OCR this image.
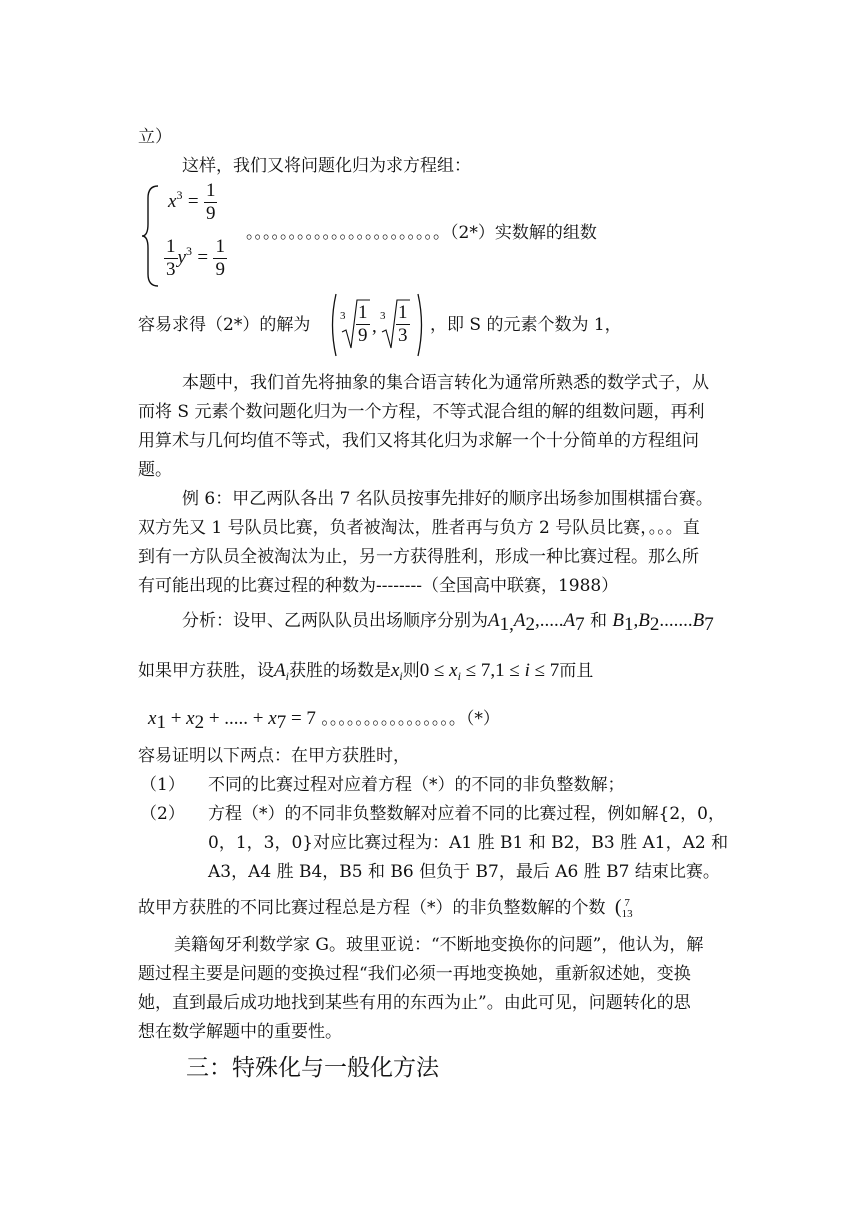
立）
这样，我们又将问题化归为求方程组：
$x^3 = \frac{1}{9}$
。。。。。。。。。。。。。。。。。。。。。。。（2*）实数解的组数
$\frac{1}{3} y^3 = \frac{1}{9}$
容易求得（2*）的解为	$3 \frac{1}{9}$ , $3 \frac{1}{3}$ ，即 S 的元素个数为 1，
本题中，我们首先将抽象的集合语言转化为通常所熟悉的数学式子，从
而将 S 元素个数问题化归为一个方程，不等式混合组的解的组数问题，再利
用算术与几何均值不等式，我们又将其化归为求解一个十分简单的方程组问
题。
例 6：甲乙两队各出 7 名队员按事先排好的顺序出场参加围棋擂台赛。
双方先又 1 号队员比赛，负者被淘汰，胜者再与负方 2 号队员比赛，。。。直
到有一方队员全被淘汰为止，另一方获得胜利，形成一种比赛过程。那么所
有可能出现的比赛过程的种数为--------（全国高中联赛，1988）
分析：设甲、乙两队队员出场顺序分别为$A_{1,}A_2,.....A_7$ 和 $B_1,B_2.......B_7$
如果甲方获胜，设$A_i$获胜的场数是$x_i$则$0 \le x_i \le 7,1 \le i \le 7$而且
$x_1 + x_2$ + ..... + $x_7 = 7$ 。。。。。。。。。。。。。。。。（*）
容易证明以下两点：在甲方获胜时，
（1） 不同的比赛过程对应着方程（*）的不同的非负整数解；
（2） 方程（*）的不同非负整数解对应着不同的比赛过程，例如解{2，0，
0，1，3，0}对应比赛过程为：A1 胜 B1 和 B2，B3 胜 A1，A2 和
A3，A4 胜 B4，B5 和 B6 但负于 B7，最后 A6 胜 B7 结束比赛。
故甲方获胜的不同比赛过程总是方程（*）的非负整数解的个数 ( 7
13
美籍匈牙利数学家 G。玻里亚说：“不断地变换你的问题”，他认为，解
题过程主要是问题的变换过程“我们必须一再地变换她，重新叙述她，变换
她，直到最后成功地找到某些有用的东西为止”。由此可见，问题转化的思
想在数学解题中的重要性。
三：特殊化与一般化方法
